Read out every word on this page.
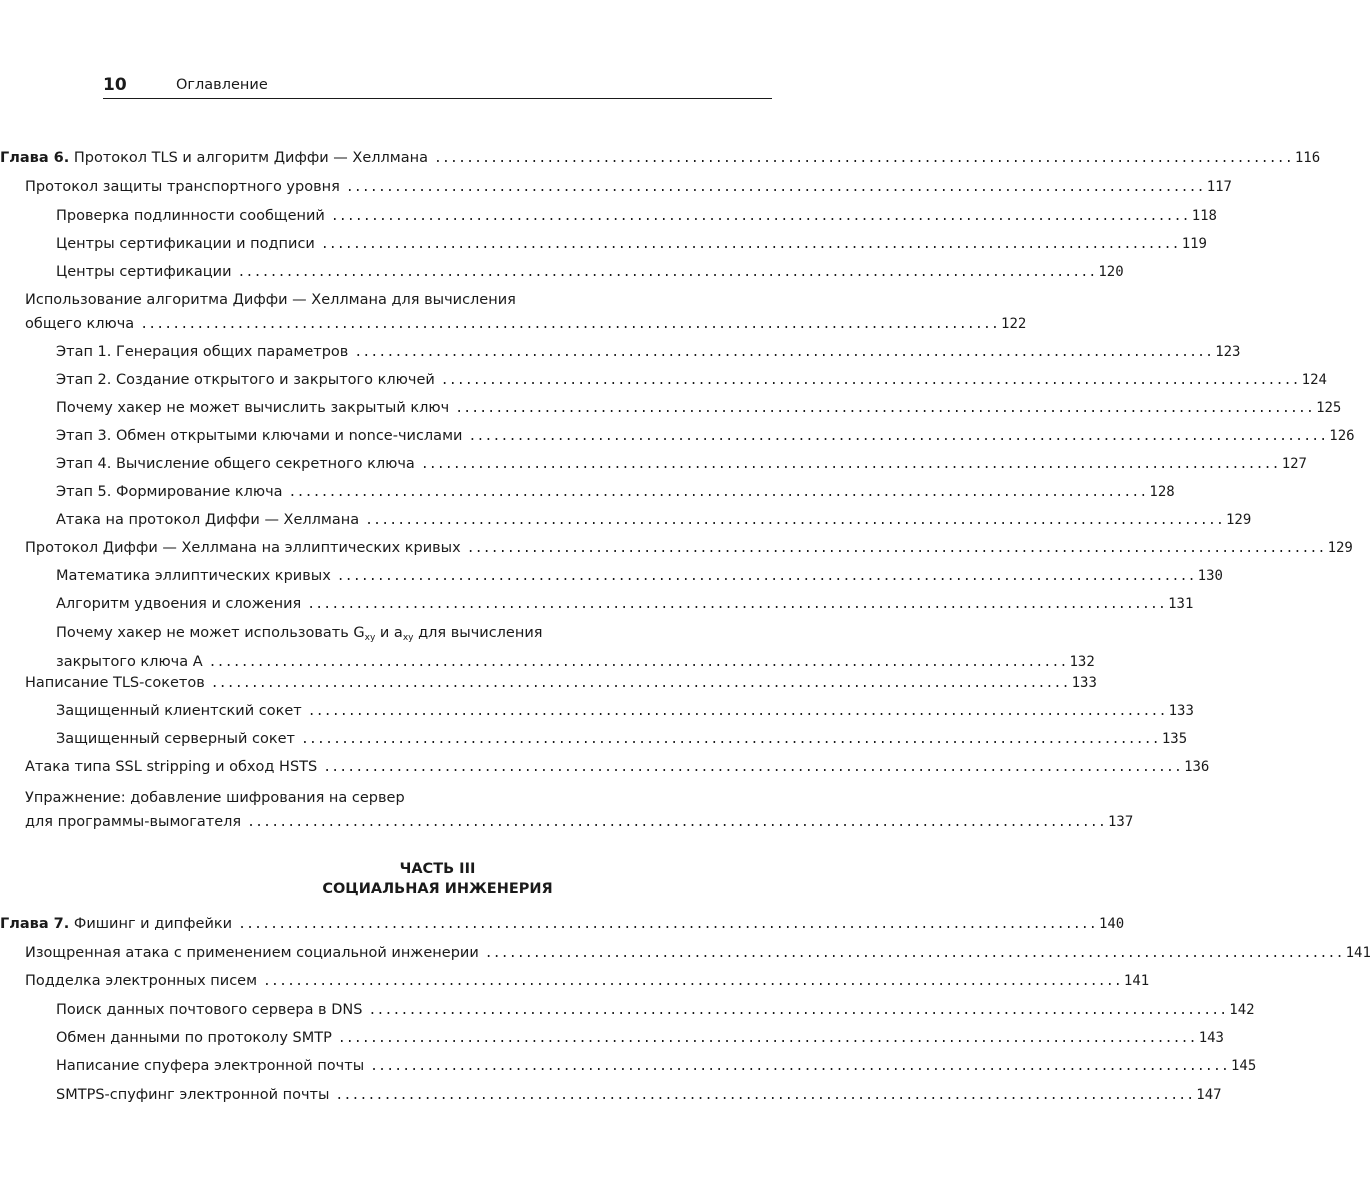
10	Оглавление
Глава 6. Протокол TLS и алгоритм Диффи — Хеллмана ........................................................................................................... 116
Протокол защиты транспортного уровня ........................................................................................................... 117
Проверка подлинности сообщений ........................................................................................................... 118
Центры сертификации и подписи ........................................................................................................... 119
Центры сертификации ........................................................................................................... 120
Использование алгоритма Диффи — Хеллмана для вычисления
общего ключа ........................................................................................................... 122
Этап 1. Генерация общих параметров ........................................................................................................... 123
Этап 2. Создание открытого и закрытого ключей ........................................................................................................... 124
Почему хакер не может вычислить закрытый ключ ........................................................................................................... 125
Этап 3. Обмен открытыми ключами и nonce-числами ........................................................................................................... 126
Этап 4. Вычисление общего секретного ключа ........................................................................................................... 127
Этап 5. Формирование ключа ........................................................................................................... 128
Атака на протокол Диффи — Хеллмана ........................................................................................................... 129
Протокол Диффи — Хеллмана на эллиптических кривых ........................................................................................................... 129
Математика эллиптических кривых ........................................................................................................... 130
Алгоритм удвоения и сложения ........................................................................................................... 131
Почему хакер не может использовать $G_{xy}$ и $a_{xy}$ для вычисления
закрытого ключа A ........................................................................................................... 132
Написание TLS-сокетов ........................................................................................................... 133
Защищенный клиентский сокет ........................................................................................................... 133
Защищенный серверный сокет ........................................................................................................... 135
Атака типа SSL stripping и обход HSTS ........................................................................................................... 136
Упражнение: добавление шифрования на сервер
для программы-вымогателя ........................................................................................................... 137
ЧАСТЬ III
СОЦИАЛЬНАЯ ИНЖЕНЕРИЯ
Глава 7. Фишинг и дипфейки ........................................................................................................... 140
Изощренная атака с применением социальной инженерии ........................................................................................................... 141
Подделка электронных писем ........................................................................................................... 141
Поиск данных почтового сервера в DNS ........................................................................................................... 142
Обмен данными по протоколу SMTP ........................................................................................................... 143
Написание спуфера электронной почты ........................................................................................................... 145
SMTPS-спуфинг электронной почты ........................................................................................................... 147
